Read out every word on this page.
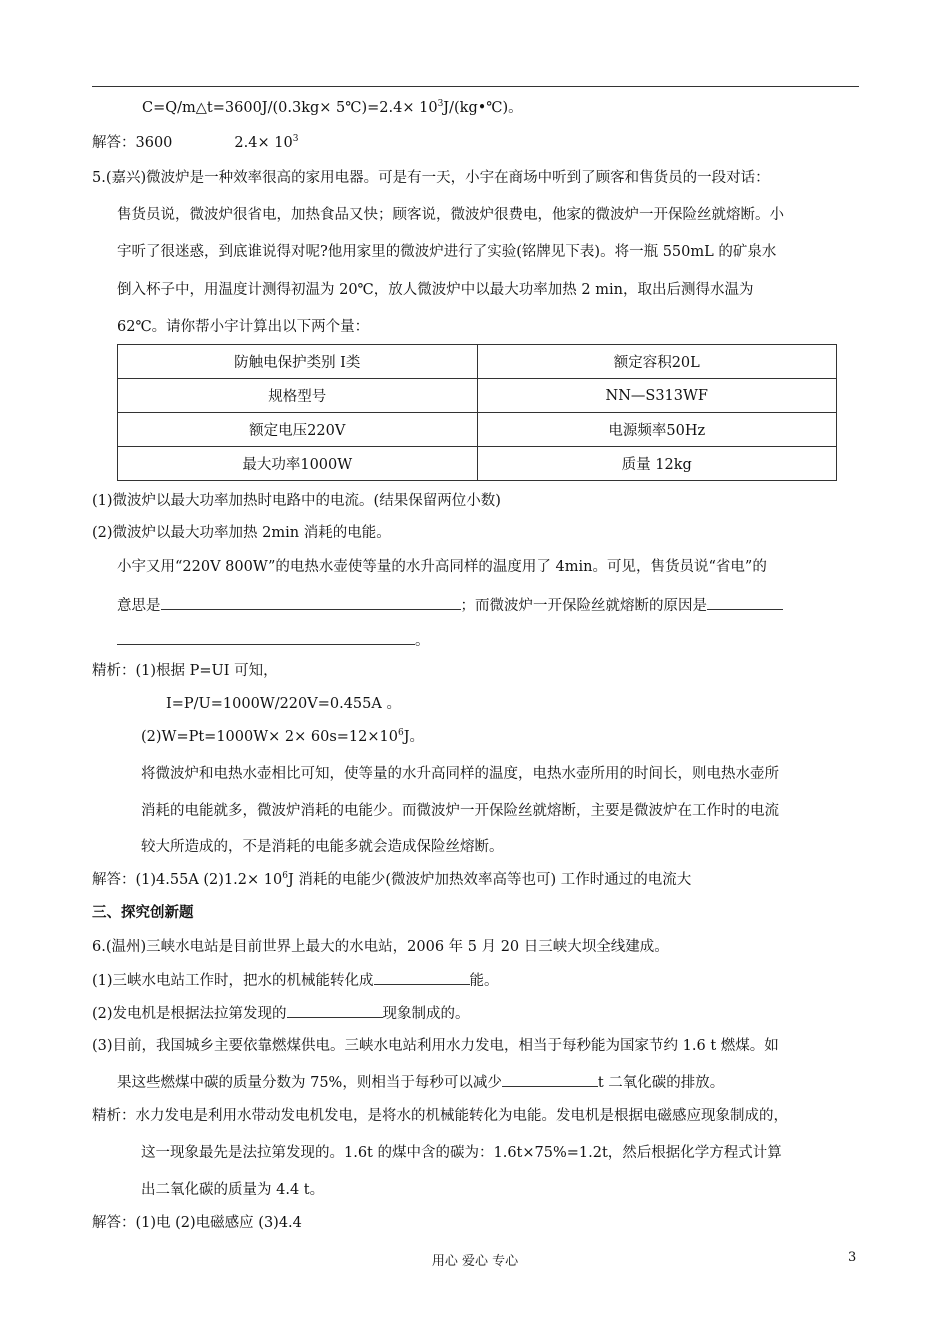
C=Q/m△t=3600J/(0.3kg× 5℃)=2.4× $10^3J/(kg•℃)$。
解答：3600	$2.4\times 10^3$
5.(嘉兴)微波炉是一种效率很高的家用电器。可是有一天，小宇在商场中听到了顾客和售货员的一段对话：
售货员说，微波炉很省电，加热食品又快；顾客说，微波炉很费电，他家的微波炉一开保险丝就熔断。小
宇听了很迷惑，到底谁说得对呢?他用家里的微波炉进行了实验(铭牌见下表)。将一瓶 550mL 的矿泉水
倒入杯子中，用温度计测得初温为 20℃，放人微波炉中以最大功率加热 2 min，取出后测得水温为
62℃。请你帮小宇计算出以下两个量：
防触电保护类别 I类	额定容积20L
规格型号	NN—S313WF
额定电压220V	电源频率50Hz
最大功率1000W	质量 12kg
(1)微波炉以最大功率加热时电路中的电流。(结果保留两位小数)
(2)微波炉以最大功率加热 2min 消耗的电能。
小宇又用“220V 800W”的电热水壶使等量的水升高同样的温度用了 4min。可见，售货员说“省电”的
意思是	；而微波炉一开保险丝就熔断的原因是
。
精析：(1)根据 P=UI 可知，
I=P/U=1000W/220V=0.455A 。
$(2)W=Pt=1000W\times 2\times 60s=12\times 10^6J$。
将微波炉和电热水壶相比可知，使等量的水升高同样的温度，电热水壶所用的时间长，则电热水壶所
消耗的电能就多，微波炉消耗的电能少。而微波炉一开保险丝就熔断，主要是微波炉在工作时的电流
较大所造成的，不是消耗的电能多就会造成保险丝熔断。
解答：(1)4.55A $(2)1.2\times 10^6J$ 消耗的电能少(微波炉加热效率高等也可) 工作时通过的电流大
三、探究创新题
6.(温州)三峡水电站是目前世界上最大的水电站，2006 年 5 月 20 日三峡大坝全线建成。
(1)三峡水电站工作时，把水的机械能转化成	能。
(2)发电机是根据法拉第发现的	现象制成的。
(3)目前，我国城乡主要依靠燃煤供电。三峡水电站利用水力发电，相当于每秒能为国家节约 1.6 t 燃煤。如
果这些燃煤中碳的质量分数为 75%，则相当于每秒可以减少	t 二氧化碳的排放。
精析：水力发电是利用水带动发电机发电，是将水的机械能转化为电能。发电机是根据电磁感应现象制成的，
这一现象最先是法拉第发现的。1.6t 的煤中含的碳为：1.6t×75%=1.2t，然后根据化学方程式计算
出二氧化碳的质量为 4.4 t。
解答：(1)电 (2)电磁感应 (3)4.4
用心 爱心 专心	3
